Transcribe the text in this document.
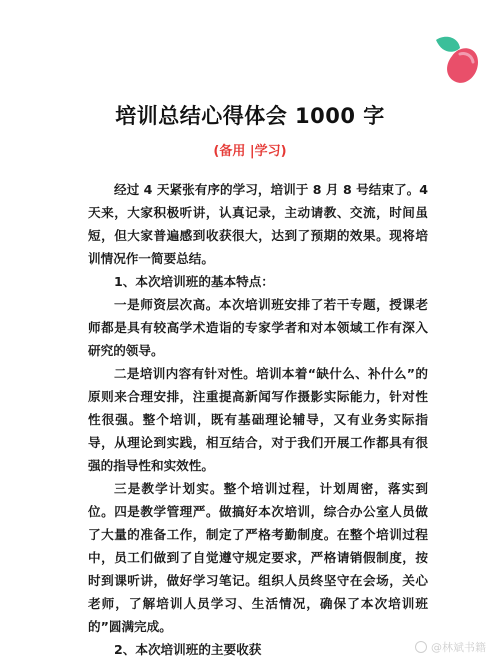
培训总结心得体会 1000 字
(备用 |学习)

经过 4 天紧张有序的学习，培训于 8 月 8 号结束了。4 天来，大家积极听讲，认真记录，主动请教、交流，时间虽短，但大家普遍感到收获很大，达到了预期的效果。现将培训情况作一简要总结。

1、本次培训班的基本特点：

一是师资层次高。本次培训班安排了若干专题，授课老师都是具有较高学术造诣的专家学者和对本领域工作有深入研究的领导。

二是培训内容有针对性。培训本着“缺什么、补什么”的原则来合理安排，注重提高新闻写作摄影实际能力，针对性性很强。整个培训，既有基础理论辅导，又有业务实际指导，从理论到实践，相互结合，对于我们开展工作都具有很强的指导性和实效性。

三是教学计划实。整个培训过程，计划周密，落实到位。四是教学管理严。做搞好本次培训，综合办公室人员做了大量的准备工作，制定了严格考勤制度。在整个培训过程中，员工们做到了自觉遵守规定要求，严格请销假制度，按时到课听讲，做好学习笔记。组织人员终坚守在会场，关心老师，了解培训人员学习、生活情况，确保了本次培训班的”圆满完成。

2、本次培训班的主要收获	@林斌书籍
